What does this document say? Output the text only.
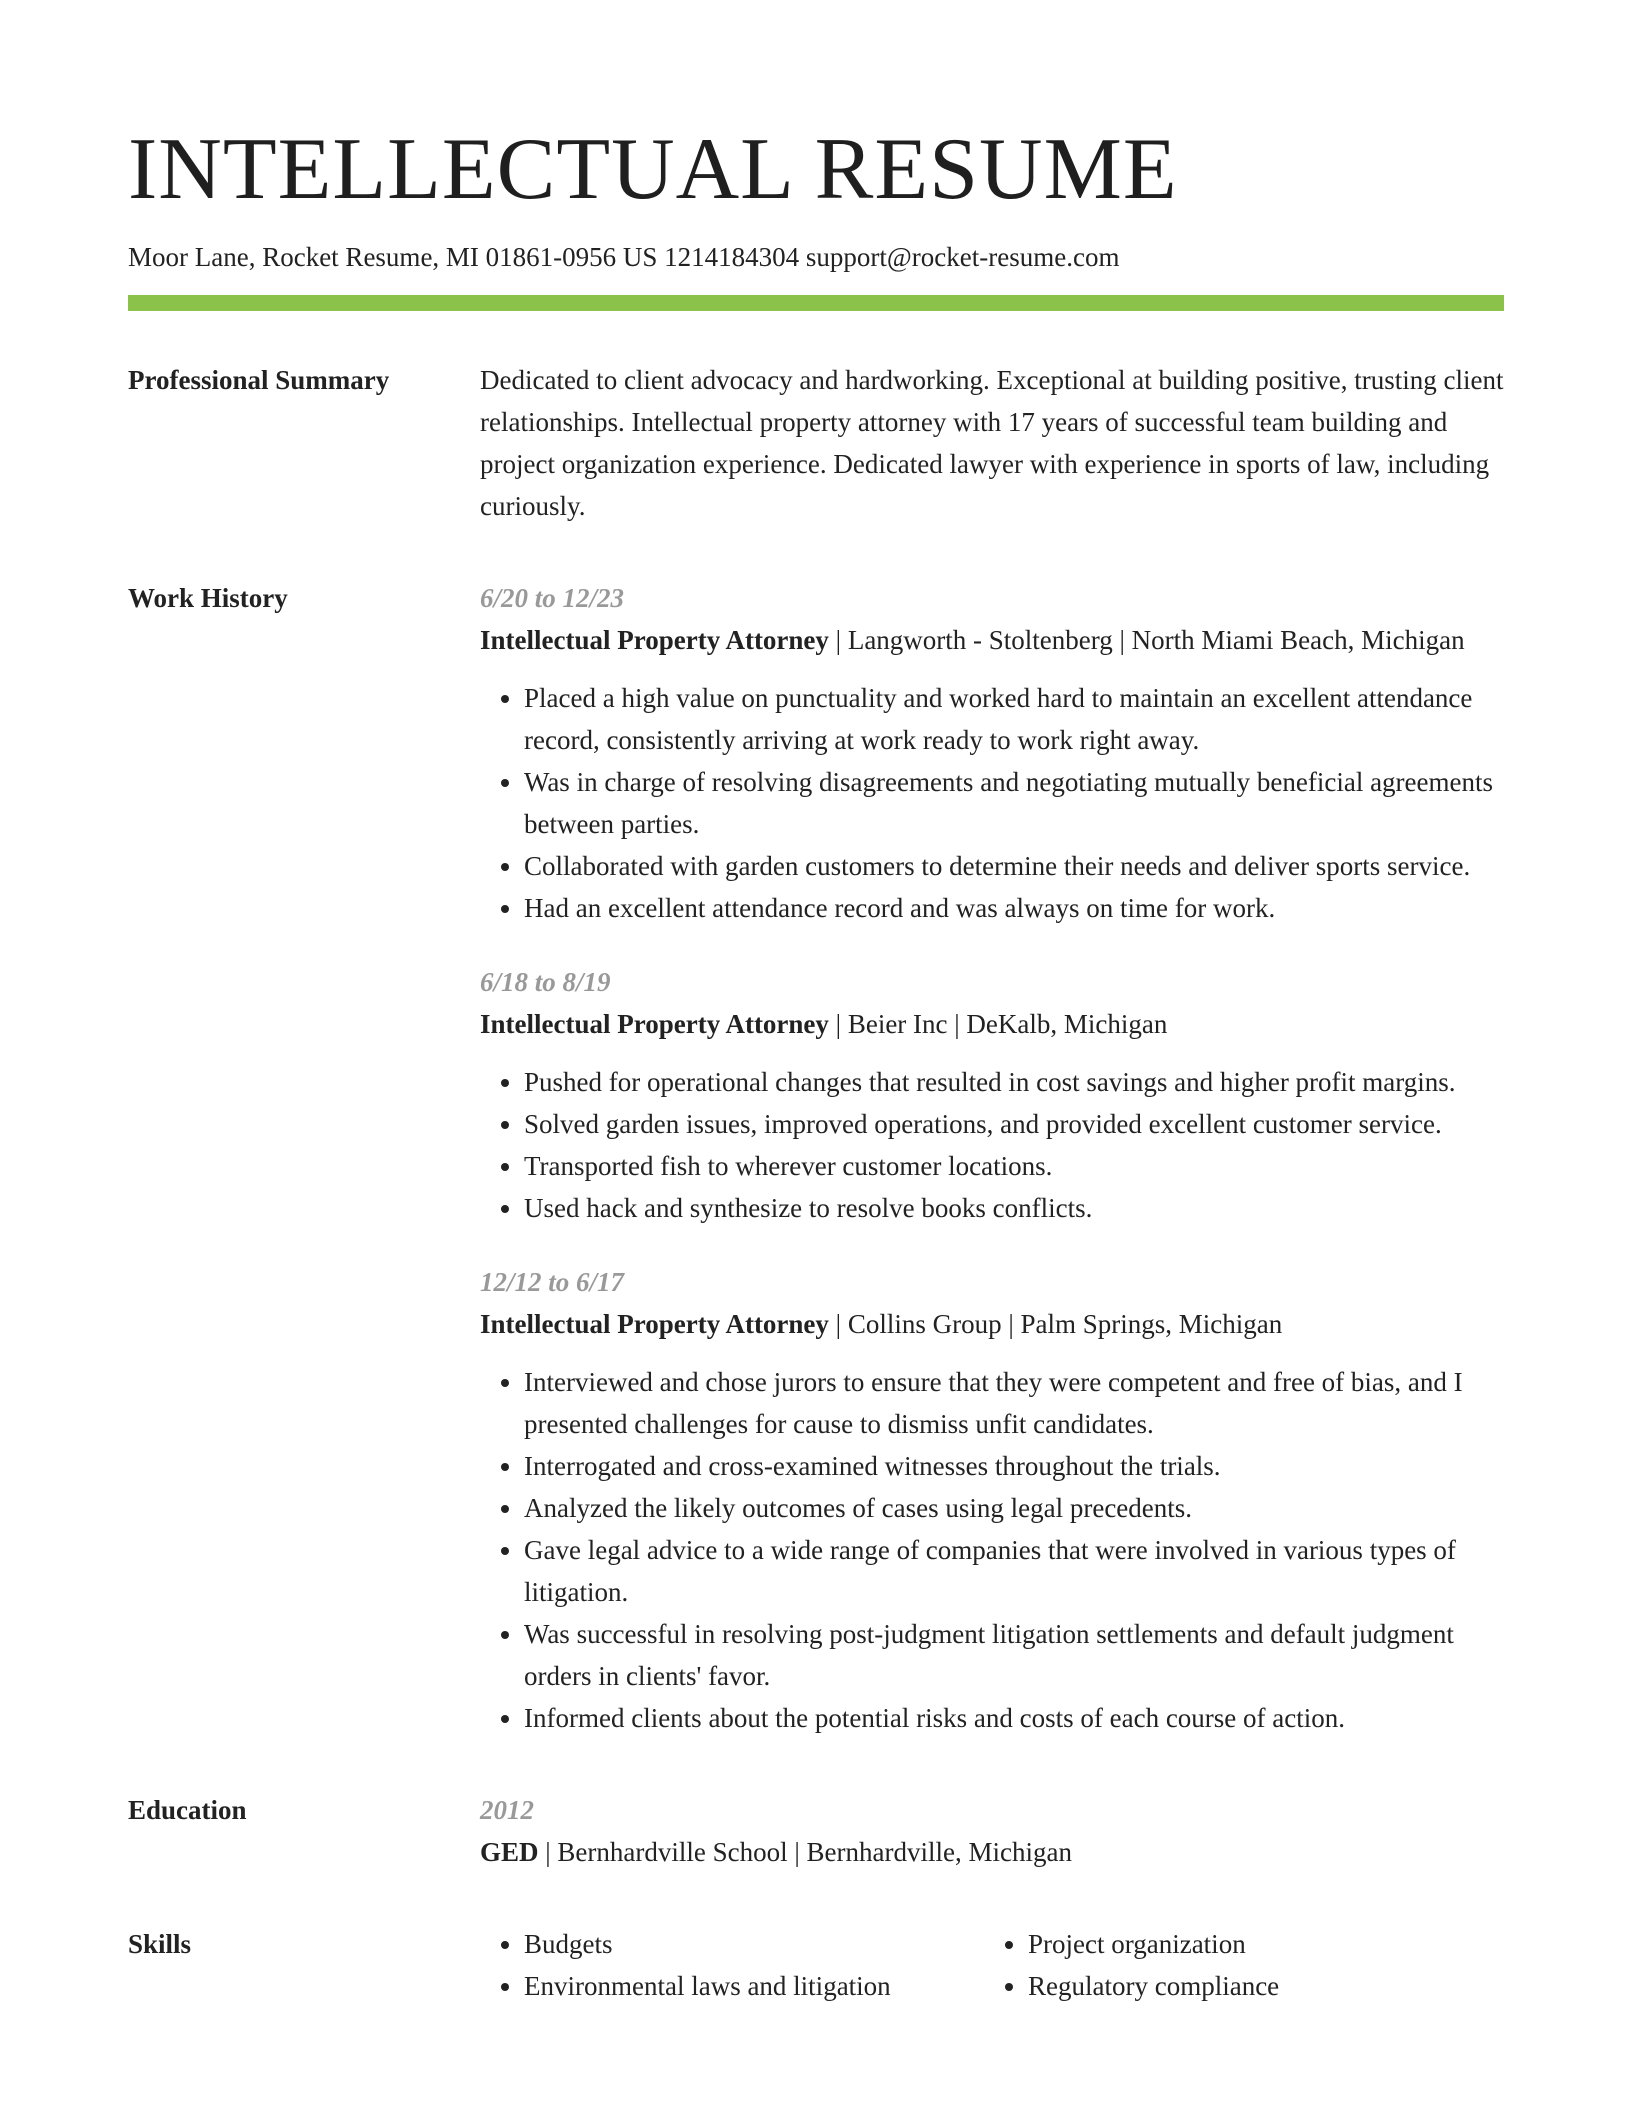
INTELLECTUAL RESUME
Moor Lane, Rocket Resume, MI 01861-0956 US 1214184304 support@rocket-resume.com
Professional Summary	Dedicated to client advocacy and hardworking. Exceptional at building positive, trusting client relationships. Intellectual property attorney with 17 years of successful team building and project organization experience. Dedicated lawyer with experience in sports of law, including curiously.

Work History	6/20 to 12/23
Intellectual Property Attorney | Langworth - Stoltenberg | North Miami Beach, Michigan
• Placed a high value on punctuality and worked hard to maintain an excellent attendance record, consistently arriving at work ready to work right away.
• Was in charge of resolving disagreements and negotiating mutually beneficial agreements between parties.
• Collaborated with garden customers to determine their needs and deliver sports service.
• Had an excellent attendance record and was always on time for work.
6/18 to 8/19
Intellectual Property Attorney | Beier Inc | DeKalb, Michigan
• Pushed for operational changes that resulted in cost savings and higher profit margins.
• Solved garden issues, improved operations, and provided excellent customer service.
• Transported fish to wherever customer locations.
• Used hack and synthesize to resolve books conflicts.
12/12 to 6/17
Intellectual Property Attorney | Collins Group | Palm Springs, Michigan
• Interviewed and chose jurors to ensure that they were competent and free of bias, and I presented challenges for cause to dismiss unfit candidates.
• Interrogated and cross-examined witnesses throughout the trials.
• Analyzed the likely outcomes of cases using legal precedents.
• Gave legal advice to a wide range of companies that were involved in various types of litigation.
• Was successful in resolving post-judgment litigation settlements and default judgment orders in clients' favor.
• Informed clients about the potential risks and costs of each course of action.
Education	2012
GED | Bernhardville School | Bernhardville, Michigan
Skills
•	Budgets
• Environmental laws and litigation
• Project organization
• Regulatory compliance
